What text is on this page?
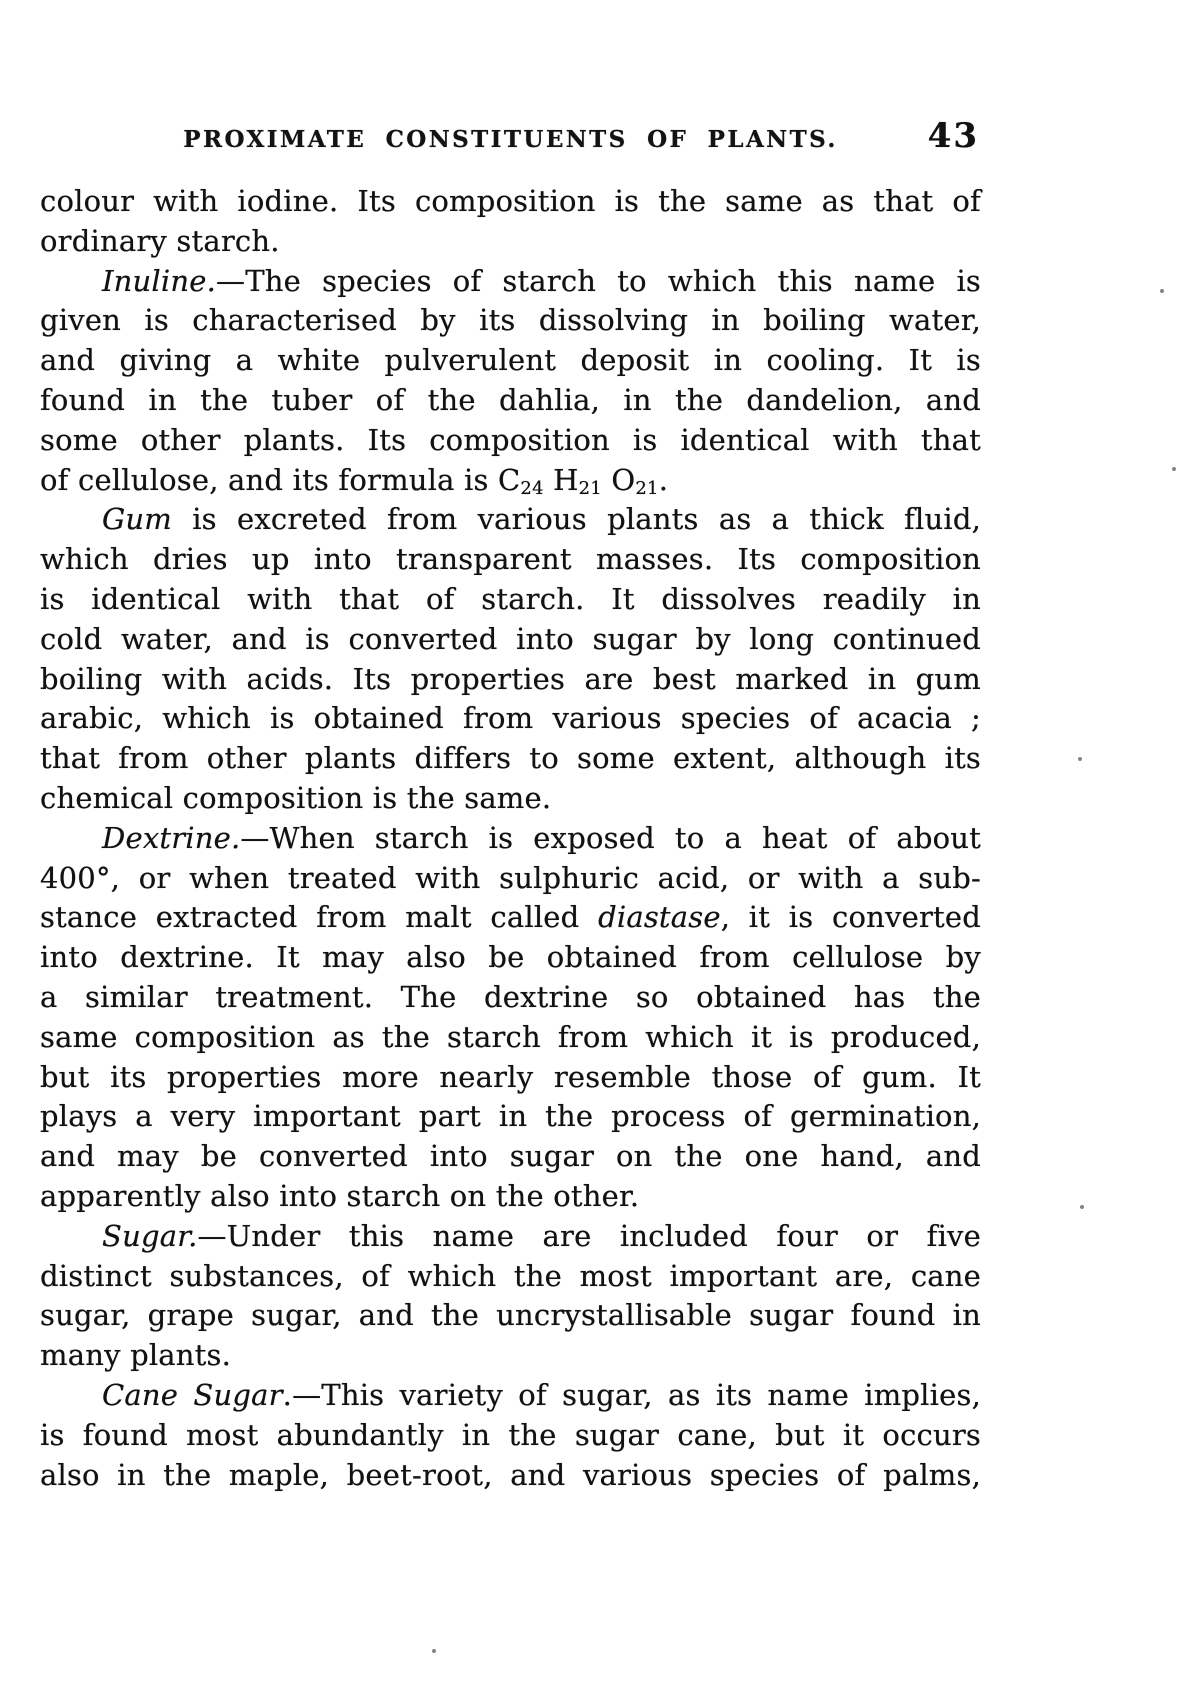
PROXIMATE CONSTITUENTS OF PLANTS.	43
colour with iodine. Its composition is the same as that of
ordinary starch.
Inuline.—The species of starch to which this name is
given is characterised by its dissolving in boiling water,
and giving a white pulverulent deposit in cooling. It is
found in the tuber of the dahlia, in the dandelion, and
some other plants. Its composition is identical with that
of cellulose, and its formula is $C_{24}$ $H_{21}$ $O_{21}$.
Gum is excreted from various plants as a thick fluid,
which dries up into transparent masses. Its composition
is identical with that of starch. It dissolves readily in
cold water, and is converted into sugar by long continued
boiling with acids. Its properties are best marked in gum
arabic, which is obtained from various species of acacia ;
that from other plants differs to some extent, although its
chemical composition is the same.
Dextrine.—When starch is exposed to a heat of about
400°, or when treated with sulphuric acid, or with a sub-
stance extracted from malt called diastase, it is converted
into dextrine. It may also be obtained from cellulose by
a similar treatment. The dextrine so obtained has the
same composition as the starch from which it is produced,
but its properties more nearly resemble those of gum. It
plays a very important part in the process of germination,
and may be converted into sugar on the one hand, and
apparently also into starch on the other.
Sugar.—Under this name are included four or five
distinct substances, of which the most important are, cane
sugar, grape sugar, and the uncrystallisable sugar found in
many plants.
Cane Sugar.—This variety of sugar, as its name implies,
is found most abundantly in the sugar cane, but it occurs
also in the maple, beet-root, and various species of palms,
